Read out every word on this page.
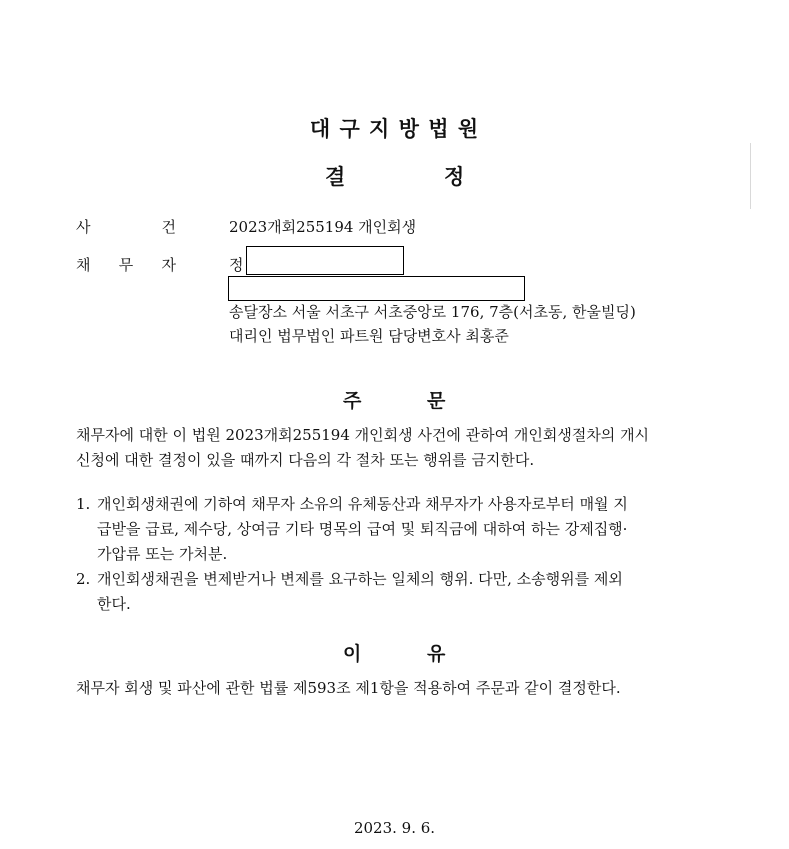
대 구 지 방 법 원
결	정
사	건	2023개회255194 개인회생
채 무 자	정
송달장소 서울 서초구 서초중앙로 176, 7층(서초동, 한울빌딩)
대리인 법무법인 파트원 담당변호사 최홍준
주	문
채무자에 대한 이 법원 2023개회255194 개인회생 사건에 관하여 개인회생절차의 개시
신청에 대한 결정이 있을 때까지 다음의 각 절차 또는 행위를 금지한다.
1. 개인회생채권에 기하여 채무자 소유의 유체동산과 채무자가 사용자로부터 매월 지
급받을 급료, 제수당, 상여금 기타 명목의 급여 및 퇴직금에 대하여 하는 강제집행·
가압류 또는 가처분.
2. 개인회생채권을 변제받거나 변제를 요구하는 일체의 행위. 다만, 소송행위를 제외
한다.
이	유
채무자 회생 및 파산에 관한 법률 제593조 제1항을 적용하여 주문과 같이 결정한다.
2023. 9. 6.
